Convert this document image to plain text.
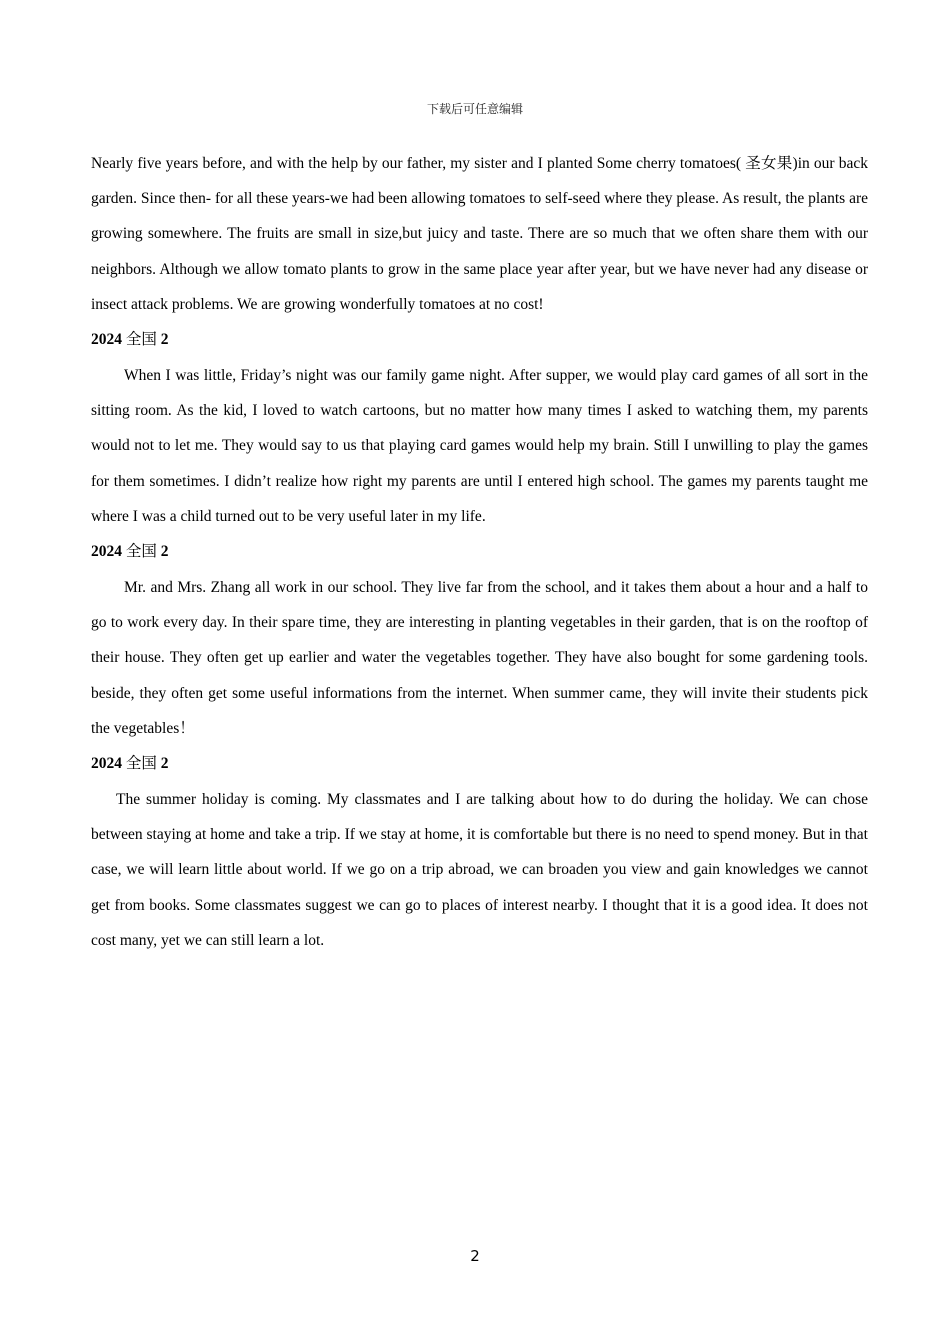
下载后可任意编辑

Nearly five years before, and with the help by our father, my sister and I planted Some cherry tomatoes( 圣女果)in our back garden. Since then- for all these years-we had been allowing tomatoes to self-seed where they please. As result, the plants are growing somewhere. The fruits are small in size,but juicy and taste. There are so much that we often share them with our neighbors. Although we allow tomato plants to grow in the same place year after year, but we have never had any disease or insect attack problems. We are growing wonderfully tomatoes at no cost!

2024 全国 2

When I was little, Friday’s night was our family game night. After supper, we would play card games of all sort in the sitting room. As the kid, I loved to watch cartoons, but no matter how many times I asked to watching them, my parents would not to let me. They would say to us that playing card games would help my brain. Still I unwilling to play the games for them sometimes. I didn’t realize how right my parents are until I entered high school. The games my parents taught me where I was a child turned out to be very useful later in my life.

2024 全国 2

Mr. and Mrs. Zhang all work in our school. They live far from the school, and it takes them about a hour and a half to go to work every day. In their spare time, they are interesting in planting vegetables in their garden, that is on the rooftop of their house. They often get up earlier and water the vegetables together. They have also bought for some gardening tools. beside, they often get some useful informations from the internet. When summer came, they will invite their students pick the vegetables！

2024 全国 2

The summer holiday is coming. My classmates and I are talking about how to do during the holiday. We can chose between staying at home and take a trip. If we stay at home, it is comfortable but there is no need to spend money. But in that case, we will learn little about world. If we go on a trip abroad, we can broaden you view and gain knowledges we cannot get from books. Some classmates suggest we can go to places of interest nearby. I thought that it is a good idea. It does not cost many, yet we can still learn a lot.

2
